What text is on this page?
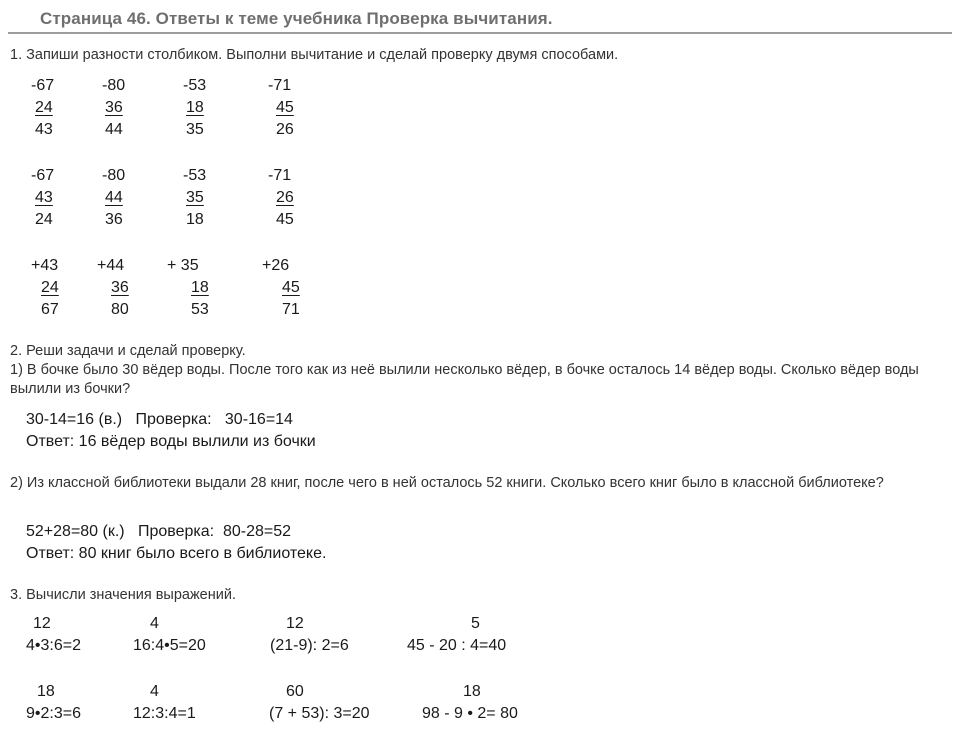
Страница 46. Ответы к теме учебника Проверка вычитания.
1. Запиши разности столбиком. Выполни вычитание и сделай проверку двумя способами.
-67
24
43
-80
36
44
-53
18
35
-71
45
26
-67
43
24
-80
44
36
-53
35
18
-71
26
45
+43
24
67
+44
36
80
+ 35
18
53
+26
45
71
2. Реши задачи и сделай проверку.
1) В бочке было 30 вёдер воды. После того как из неё вылили несколько вёдер, в бочке осталось 14 вёдер воды. Сколько вёдер воды вылили из бочки?
30-14=16 (в.)   Проверка:   30-16=14
Ответ: 16 вёдер воды вылили из бочки
2) Из классной библиотеки выдали 28 книг, после чего в ней осталось 52 книги. Сколько всего книг было в классной библиотеке?
52+28=80 (к.)   Проверка:  80-28=52
Ответ: 80 книг было всего в библиотеке.
3. Вычисли значения выражений.
12
4•3:6=2
4
16:4•5=20
12
(21-9): 2=6
5
45 - 20 : 4=40
18
9•2:3=6
4
12:3:4=1
60
(7 + 53): 3=20
18
98 - 9 • 2= 80
